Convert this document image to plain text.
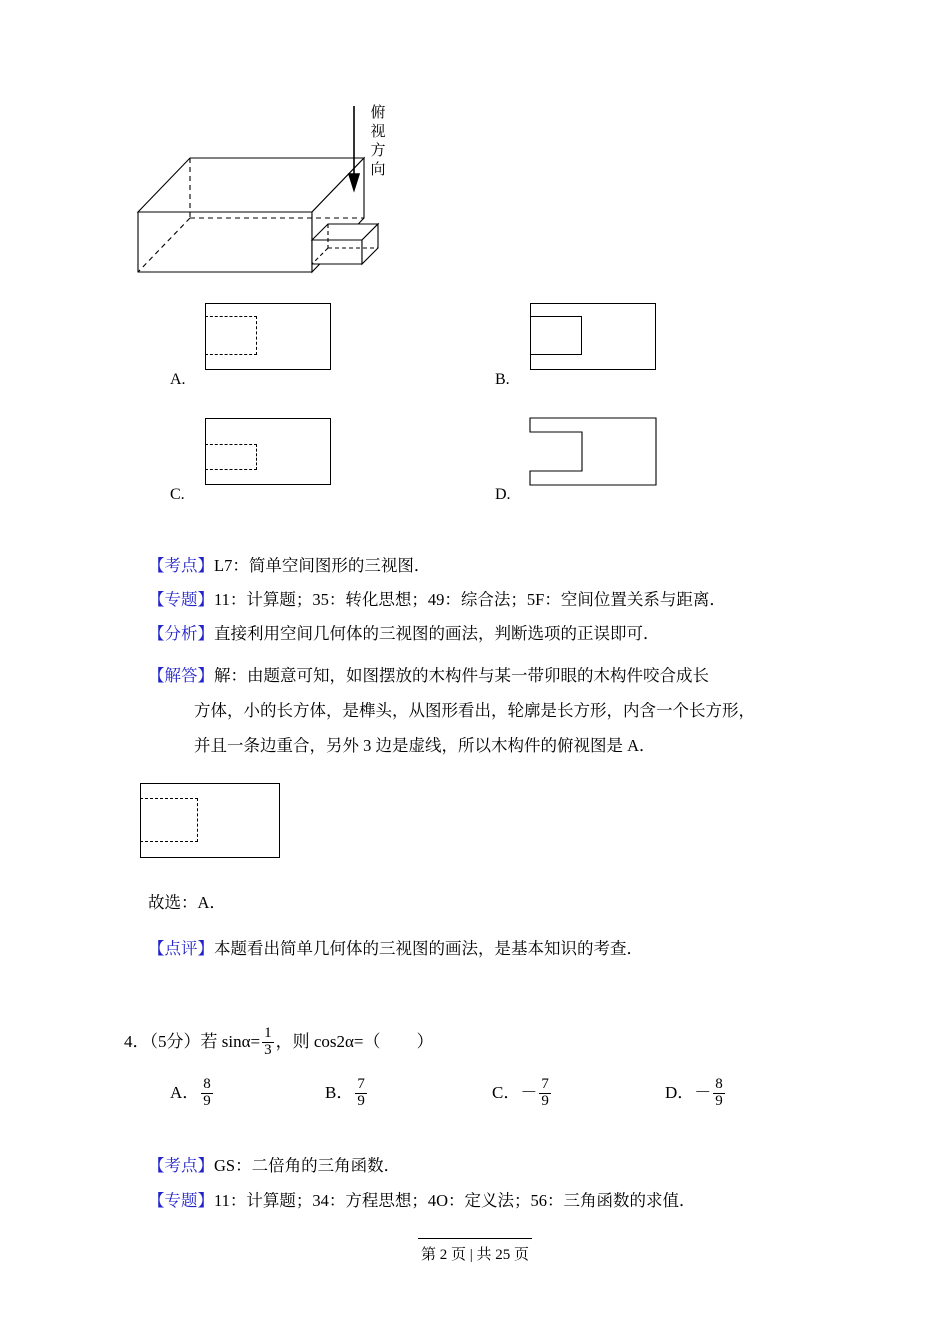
俯视方向
A.	B.
C.	D.
【考点】L7：简单空间图形的三视图．
【专题】11：计算题；35：转化思想；49：综合法；5F：空间位置关系与距离．
【分析】直接利用空间几何体的三视图的画法，判断选项的正误即可．
【解答】解：由题意可知，如图摆放的木构件与某一带卯眼的木构件咬合成长
方体，小的长方体，是榫头，从图形看出，轮廓是长方形，内含一个长方形，
并且一条边重合，另外 3 边是虚线，所以木构件的俯视图是 A．
故选：A．
【点评】本题看出简单几何体的三视图的画法，是基本知识的考查．
4．（5分）若 $\sin\alpha= \frac{1}{3}$ ，则 cos2α=（ ）
A． $\frac{8}{9}$	B． $\frac{7}{9}$	C．－ $\frac{7}{9}$	D．－ $\frac{8}{9}$
【考点】GS：二倍角的三角函数．
【专题】11：计算题；34：方程思想；4O：定义法；56：三角函数的求值．
第 2 页 | 共 25 页
